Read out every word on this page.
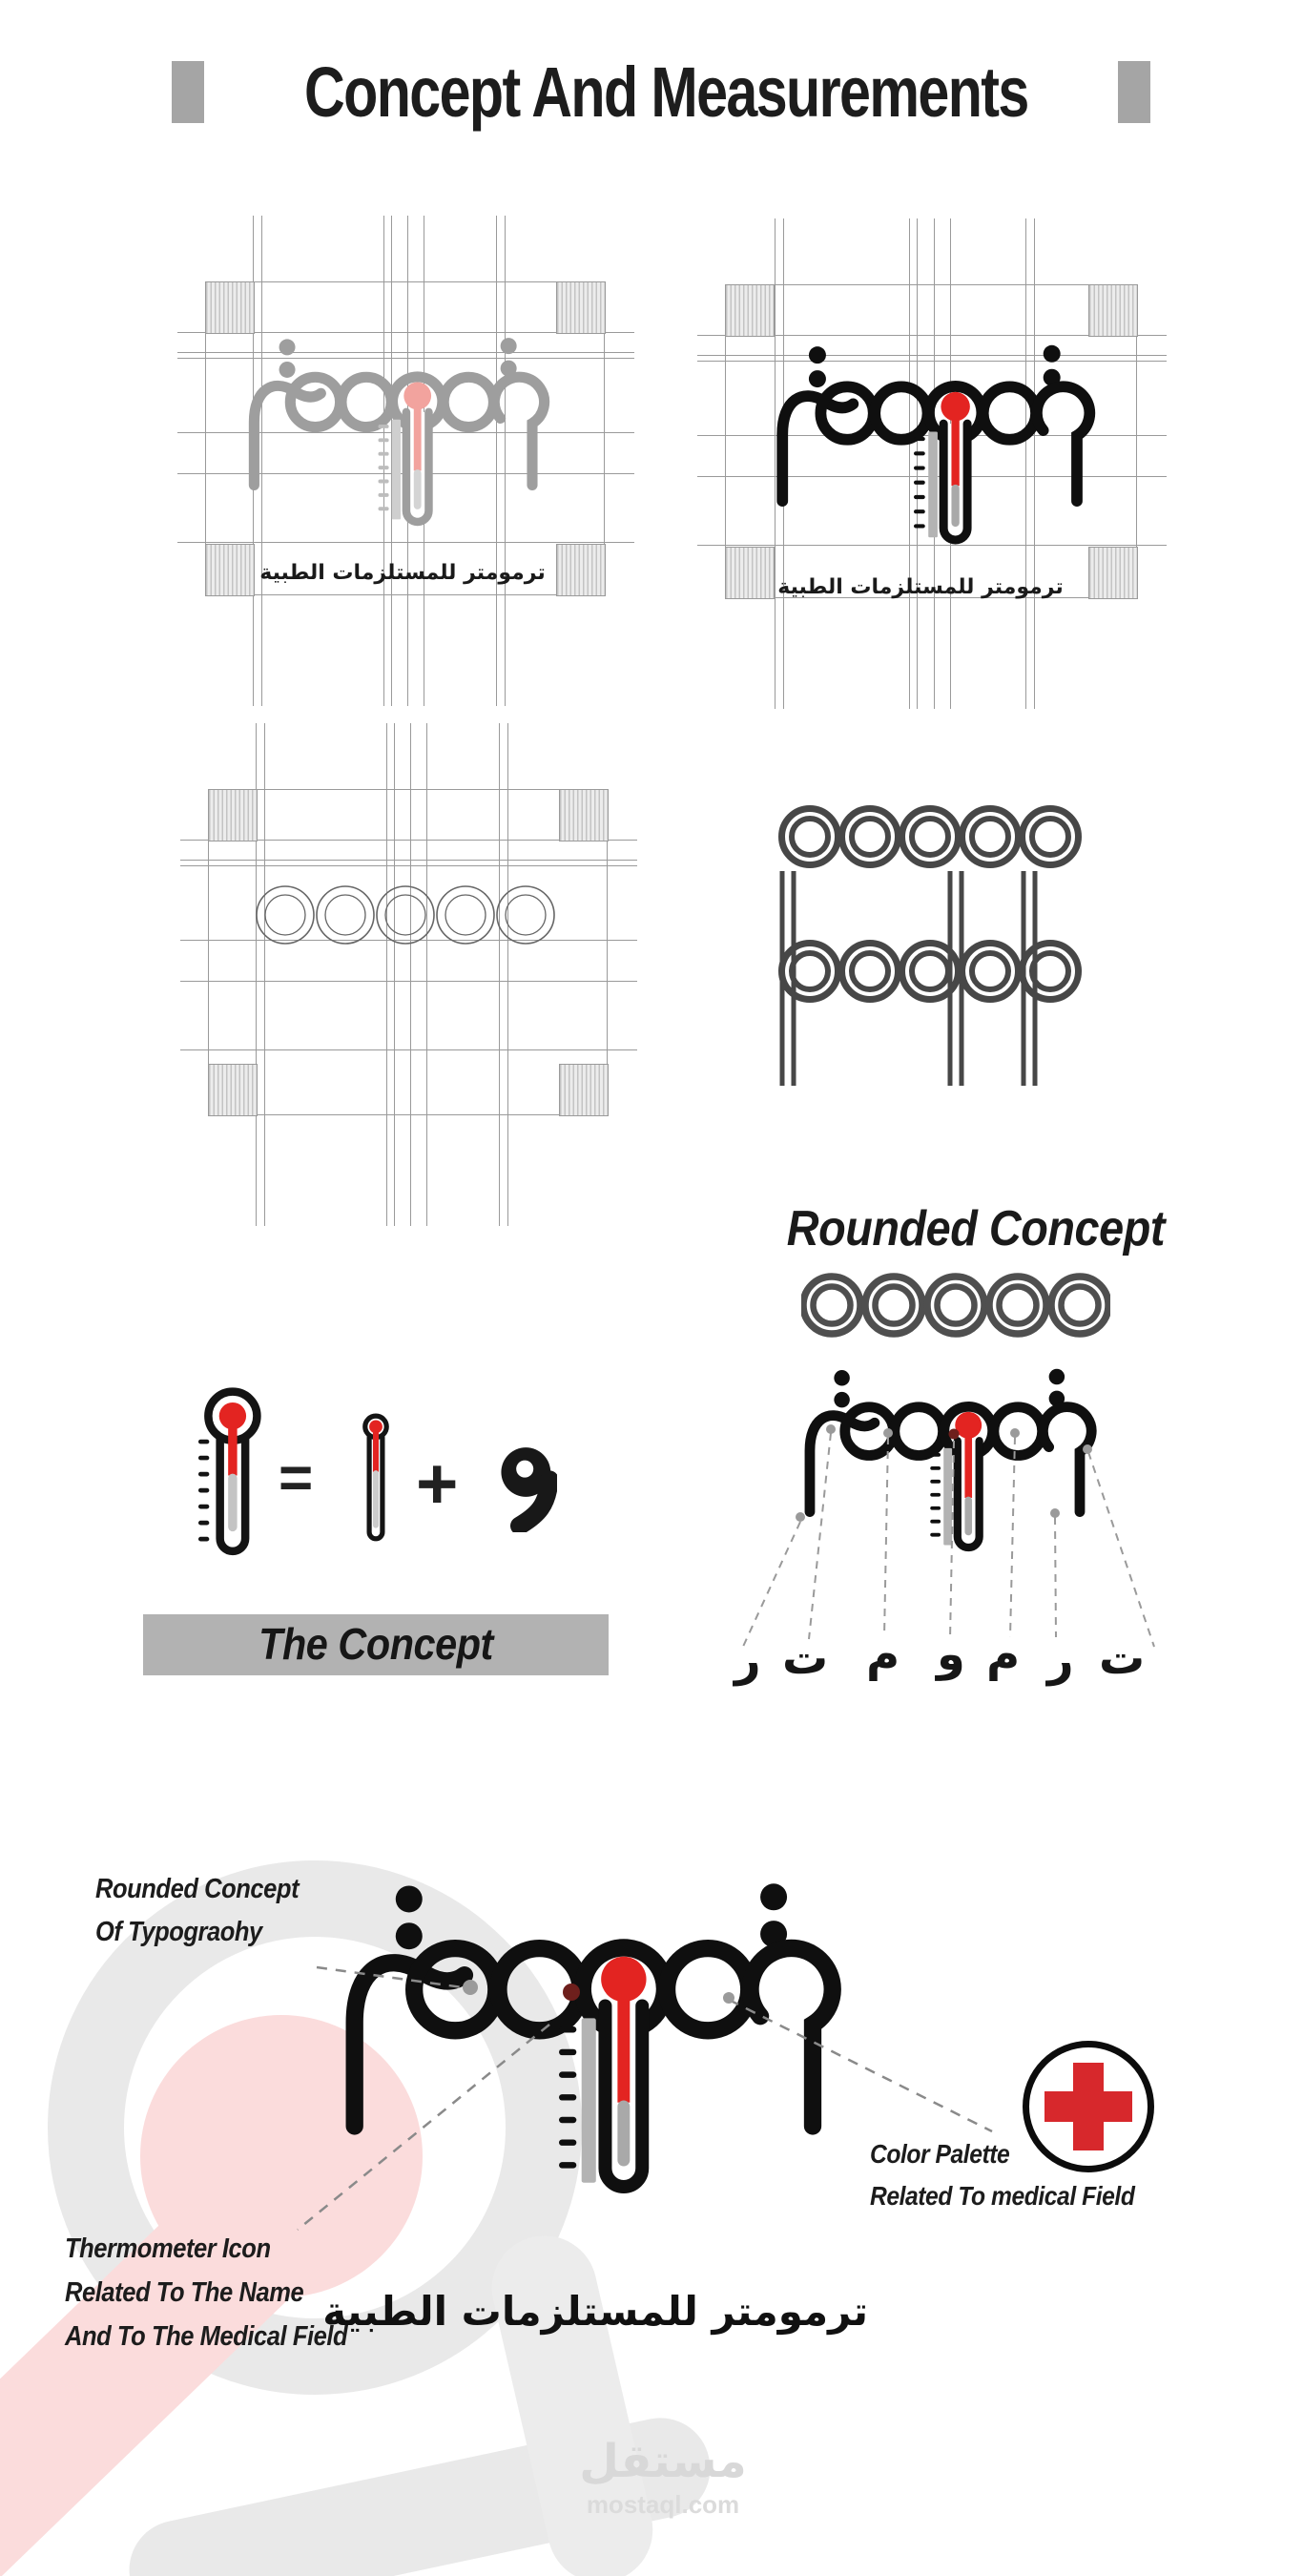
Concept And Measurements
ترمومتر للمستلزمات الطبية
ترمومتر للمستلزمات الطبية
Rounded Concept
ر ت م و م ر ت
= +
The Concept
Rounded Concept
Of Typograohy
Color Palette
Related To medical Field
Thermometer Icon
Related To The Name
And To The Medical Field
ترمومتر للمستلزمات الطبية
مستقل
mostaql.com
